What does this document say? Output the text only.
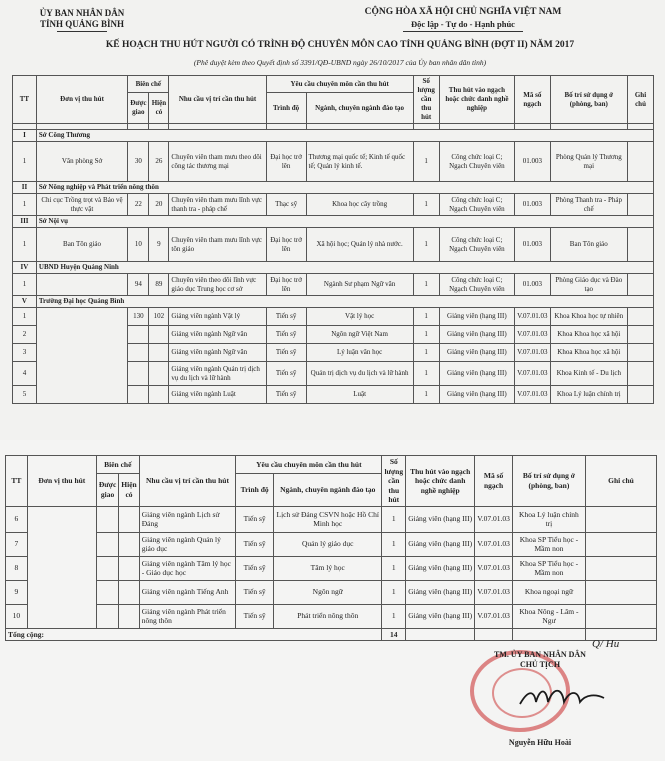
ỦY BAN NHÂN DÂN
TỈNH QUẢNG BÌNH
CỘNG HÒA XÃ HỘI CHỦ NGHĨA VIỆT NAM
Độc lập - Tự do - Hạnh phúc
KẾ HOẠCH THU HÚT NGƯỜI CÓ TRÌNH ĐỘ CHUYÊN MÔN CAO TỈNH QUẢNG BÌNH (ĐỢT II) NĂM 2017
(Phê duyệt kèm theo Quyết định số 3391/QĐ-UBND ngày 26/10/2017 của Ủy ban nhân dân tỉnh)
TT	Đơn vị thu hút	Biên chế		Nhu cầu vị trí cần thu hút	Yêu cầu chuyên môn cần thu hút		Số lượng cần thu hút	Thu hút vào ngạch hoặc chức danh nghề nghiệp	Mã số ngạch	Bố trí sử dụng ở (phòng, ban)	Ghi chú
		Được giao	Hiện có		Trình độ	Ngành, chuyên ngành đào tạo					

I	Sở Công Thương										
1	Văn phòng Sở	30	26	Chuyên viên tham mưu theo dõi công tác thương mại	Đại học trở lên	Thương mại quốc tế; Kinh tế quốc tế; Quản lý kinh tế.	1	Công chức loại C; Ngạch Chuyên viên	01.003	Phòng Quản lý Thương mại	
II	Sở Nông nghiệp và Phát triển nông thôn										
1	Chi cục Trồng trọt và Bảo vệ thực vật	22	20	Chuyên viên tham mưu lĩnh vực thanh tra - pháp chế	Thạc sỹ	Khoa học cây trồng	1	Công chức loại C; Ngạch Chuyên viên	01.003	Phòng Thanh tra - Pháp chế	
III	Sở Nội vụ										
1	Ban Tôn giáo	10	9	Chuyên viên tham mưu lĩnh vực tôn giáo	Đại học trở lên	Xã hội học; Quản lý nhà nước.	1	Công chức loại C; Ngạch Chuyên viên	01.003	Ban Tôn giáo	
IV	UBND Huyện Quảng Ninh										
1		94	89	Chuyên viên theo dõi lĩnh vực giáo dục Trung học cơ sở	Đại học trở lên	Ngành Sư phạm Ngữ văn	1	Công chức loại C; Ngạch Chuyên viên	01.003	Phòng Giáo dục và Đào tạo	
V	Trường Đại học Quảng Bình										
1		130	102	Giảng viên ngành Vật lý	Tiến sỹ	Vật lý học	1	Giảng viên (hạng III)	V.07.01.03	Khoa Khoa học tự nhiên	
2				Giảng viên ngành Ngữ văn	Tiến sỹ	Ngôn ngữ Việt Nam	1	Giảng viên (hạng III)	V.07.01.03	Khoa Khoa học xã hội	
3				Giảng viên ngành Ngữ văn	Tiến sỹ	Lý luận văn học	1	Giảng viên (hạng III)	V.07.01.03	Khoa Khoa học xã hội	
4				Giảng viên ngành Quản trị dịch vụ du lịch và lữ hành	Tiến sỹ	Quản trị dịch vụ du lịch và lữ hành	1	Giảng viên (hạng III)	V.07.01.03	Khoa Kinh tế - Du lịch	
5				Giảng viên ngành Luật	Tiến sỹ	Luật	1	Giảng viên (hạng III)	V.07.01.03	Khoa Lý luận chính trị	
TT	Đơn vị thu hút	Biên chế		Nhu cầu vị trí cần thu hút	Yêu cầu chuyên môn cần thu hút		Số lượng cần thu hút	Thu hút vào ngạch hoặc chức danh nghề nghiệp	Mã số ngạch	Bố trí sử dụng ở (phòng, ban)	Ghi chú
		Được giao	Hiện có		Trình độ	Ngành, chuyên ngành đào tạo					
6				Giảng viên ngành Lịch sử Đảng	Tiến sỹ	Lịch sử Đảng CSVN hoặc Hồ Chí Minh học	1	Giảng viên (hạng III)	V.07.01.03	Khoa Lý luận chính trị	
7				Giảng viên ngành Quản lý giáo dục	Tiến sỹ	Quản lý giáo dục	1	Giảng viên (hạng III)	V.07.01.03	Khoa SP Tiểu học - Mầm non	
8				Giảng viên ngành Tâm lý học - Giáo dục học	Tiến sỹ	Tâm lý học	1	Giảng viên (hạng III)	V.07.01.03	Khoa SP Tiểu học - Mầm non	
9				Giảng viên ngành Tiếng Anh	Tiến sỹ	Ngôn ngữ	1	Giảng viên (hạng III)	V.07.01.03	Khoa ngoại ngữ	
10				Giảng viên ngành Phát triển nông thôn	Tiến sỹ	Phát triển nông thôn	1	Giảng viên (hạng III)	V.07.01.03	Khoa Nông - Lâm - Ngư	
Tổng cộng:							14				
TM. ỦY BAN NHÂN DÂN
CHỦ TỊCH
Q/ Hu
Nguyễn Hữu Hoài
